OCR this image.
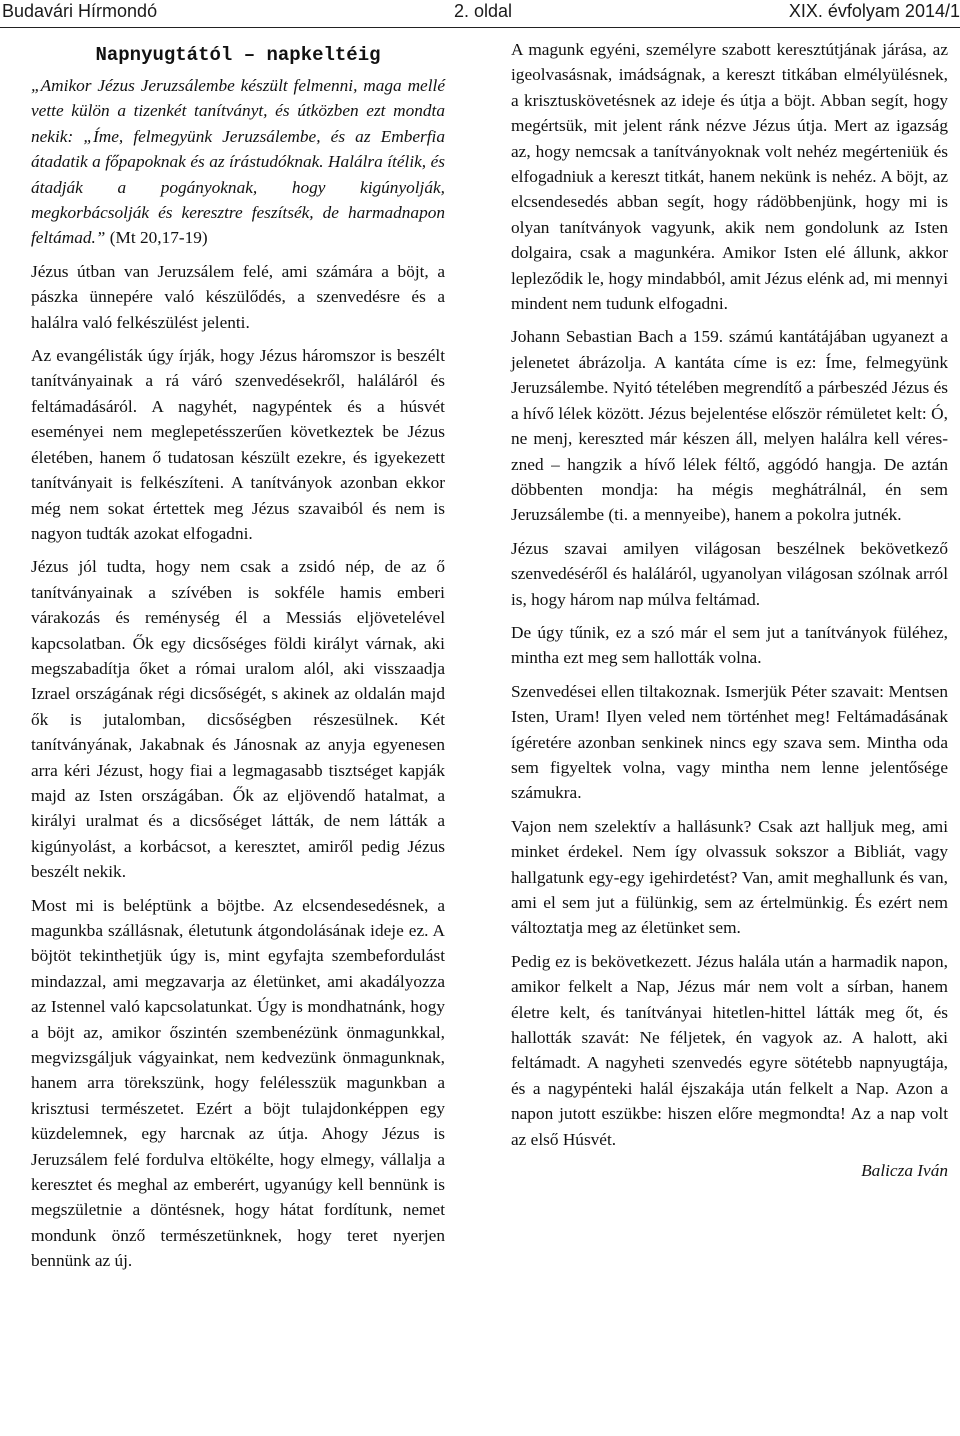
Budavári Hírmondó	2. oldal	XIX. évfolyam 2014/1
Napnyugtától – napkeltéig

„Amikor Jézus Jeruzsálembe készült felmenni, maga mellé vette külön a tizenkét tanítványt, és útközben ezt mondta nekik: „Íme, felmegyünk Jeruzsálembe, és az Emberfia átadatik a főpapoknak és az írástudóknak. Halálra ítélik, és átadják a pogányoknak, hogy kigúnyolják, megkorbácsolják és keresztre feszítsék, de harmadnapon feltámad.” (Mt 20,17-19)

Jézus útban van Jeruzsálem felé, ami számára a böjt, a pászka ünnepére való készülődés, a szenvedésre és a halálra való felkészülést jelenti.

Az evangélisták úgy írják, hogy Jézus háromszor is beszélt tanítványainak a rá váró szenvedésekről, haláláról és feltámadásáról. A nagyhét, nagypéntek és a húsvét eseményei nem meglepetésszerűen következtek be Jézus életében, hanem ő tudatosan készült ezekre, és igyekezett tanítványait is felkészíteni. A tanítványok azonban ekkor még nem sokat értettek meg Jézus szavaiból és nem is nagyon tudták azokat elfogadni.

Jézus jól tudta, hogy nem csak a zsidó nép, de az ő tanítványainak a szívében is sokféle hamis emberi várakozás és reménység él a Messiás eljövetelével kapcsolatban. Ők egy dicsőséges földi királyt várnak, aki megszabadítja őket a római uralom alól, aki visszaadja Izrael országának régi dicsőségét, s akinek az oldalán majd ők is jutalomban, dicsőségben részesülnek. Két tanítványának, Jakabnak és Jánosnak az anyja egyenesen arra kéri Jézust, hogy fiai a legmagasabb tisztséget kapják majd az Isten országában. Ők az eljövendő hatalmat, a királyi uralmat és a dicsőséget látták, de nem látták a kigúnyolást, a korbácsot, a keresztet, amiről pedig Jézus beszélt nekik.

Most mi is beléptünk a böjtbe. Az elcsendesedésnek, a magunkba szállásnak, életutunk átgondolásának ideje ez. A böjtöt tekinthetjük úgy is, mint egyfajta szembefordulást mindazzal, ami megzavarja az életünket, ami akadályozza az Istennel való kapcsolatunkat. Úgy is mondhatnánk, hogy a böjt az, amikor őszintén szembenézünk önmagunkkal, megvizsgáljuk vágyainkat, nem kedvezünk önmagunknak, hanem arra törekszünk, hogy felélesszük magunkban a krisztusi természetet. Ezért a böjt tulajdonképpen egy küzdelemnek, egy harcnak az útja. Ahogy Jézus is Jeruzsálem felé fordulva eltökélte, hogy elmegy, vállalja a keresztet és meghal az emberért, ugyanúgy kell bennünk is megszületnie a döntésnek, hogy hátat fordítunk, nemet mondunk önző természetünknek, hogy teret nyerjen bennünk az új.

A magunk egyéni, személyre szabott keresztútjának járása, az igeolvasásnak, imádságnak, a kereszt titkában elmélyülésnek, a krisztuskövetésnek az ideje és útja a böjt. Abban segít, hogy megértsük, mit jelent ránk nézve Jézus útja. Mert az igazság az, hogy nemcsak a tanítványoknak volt nehéz megérteniük és elfogadniuk a kereszt titkát, hanem nekünk is nehéz. A böjt, az elcsendesedés abban segít, hogy rádöbbenjünk, hogy mi is olyan tanítványok vagyunk, akik nem gondolunk az Isten dolgaira, csak a magunkéra. Amikor Isten elé állunk, akkor lepleződik le, hogy mindabból, amit Jézus elénk ad, mi mennyi mindent nem tudunk elfogadni.

Johann Sebastian Bach a 159. számú kantátájában ugyanezt a jelenetet ábrázolja. A kantáta címe is ez: Íme, felmegyünk Jeruzsálembe. Nyitó tételében megrendítő a párbeszéd Jézus és a hívő lélek között. Jézus bejelentése először rémületet kelt: Ó, ne menj, kereszted már készen áll, melyen halálra kell véreszned – hangzik a hívő lélek féltő, aggódó hangja. De aztán döbbenten mondja: ha mégis meghátrálnál, én sem Jeruzsálembe (ti. a mennyeibe), hanem a pokolra jutnék.

Jézus szavai amilyen világosan beszélnek bekövetkező szenvedéséről és haláláról, ugyanolyan világosan szólnak arról is, hogy három nap múlva feltámad.

De úgy tűnik, ez a szó már el sem jut a tanítványok füléhez, mintha ezt meg sem hallották volna.

Szenvedései ellen tiltakoznak. Ismerjük Péter szavait: Mentsen Isten, Uram! Ilyen veled nem történhet meg! Feltámadásának ígéretére azonban senkinek nincs egy szava sem. Mintha oda sem figyeltek volna, vagy mintha nem lenne jelentősége számukra.

Vajon nem szelektív a hallásunk? Csak azt halljuk meg, ami minket érdekel. Nem így olvassuk sokszor a Bibliát, vagy hallgatunk egy-egy igehirdetést? Van, amit meghallunk és van, ami el sem jut a fülünkig, sem az értelmünkig. És ezért nem változtatja meg az életünket sem.

Pedig ez is bekövetkezett. Jézus halála után a harmadik napon, amikor felkelt a Nap, Jézus már nem volt a sírban, hanem életre kelt, és tanítványai hitetlen-hittel látták meg őt, és hallották szavát: Ne féljetek, én vagyok az. A halott, aki feltámadt. A nagyheti szenvedés egyre sötétebb napnyugtája, és a nagypénteki halál éjszakája után felkelt a Nap. Azon a napon jutott eszükbe: hiszen előre megmondta! Az a nap volt az első Húsvét.

Balicza Iván
